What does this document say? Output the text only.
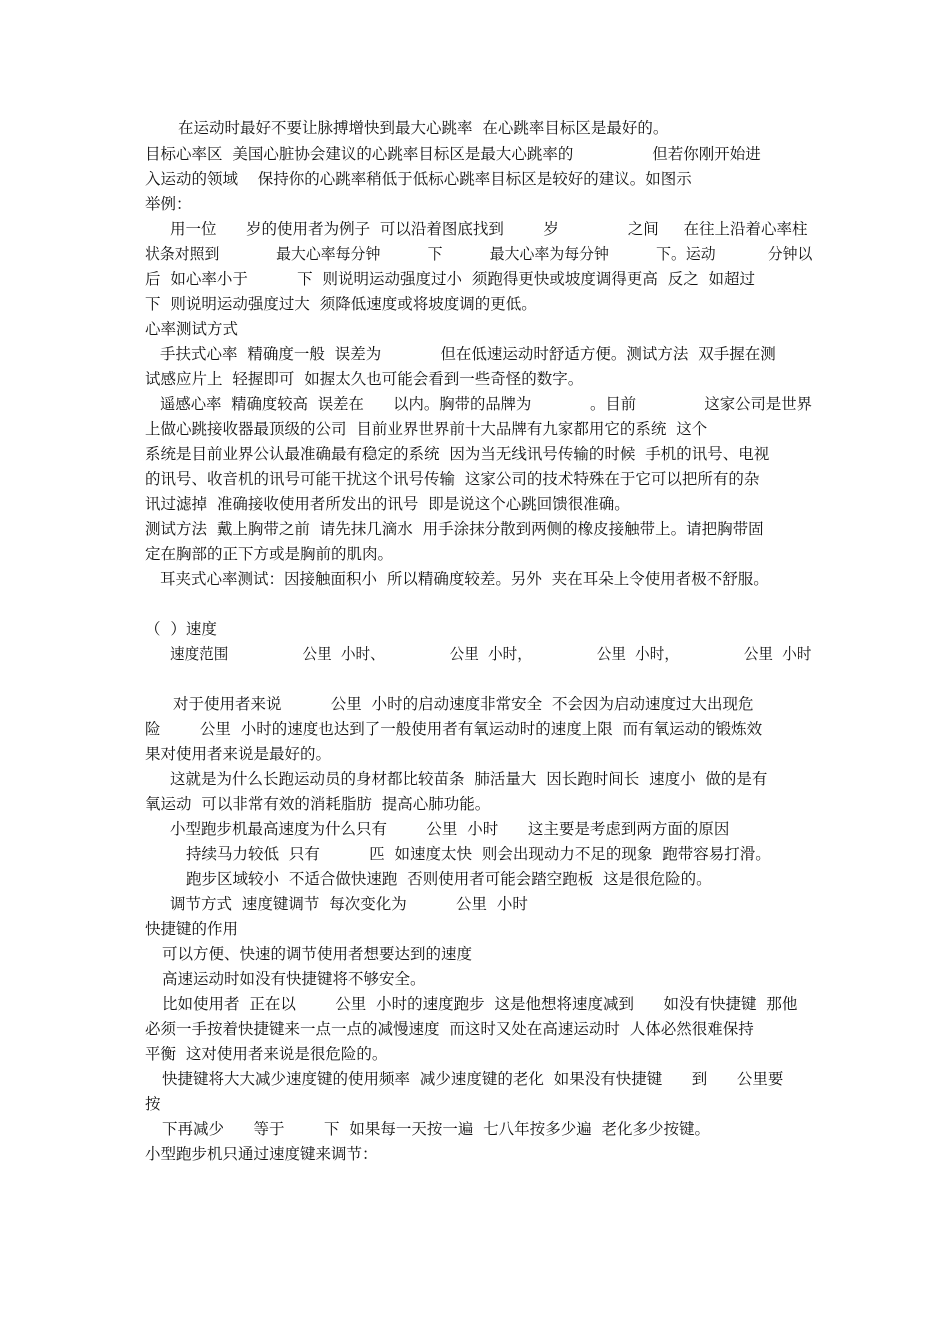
在运动时最好不要让脉搏增快到最大心跳率  在心跳率目标区是最好的。
目标心率区  美国心脏协会建议的心跳率目标区是最大心跳率的                但若你刚开始进
入运动的领域    保持你的心跳率稍低于低标心跳率目标区是较好的建议。如图示
举例：
用一位      岁的使用者为例子  可以沿着图底找到        岁              之间     在往上沿着心率柱
状条对照到            最大心率每分钟          下          最大心率为每分钟          下。运动           分钟以
后  如心率小于          下  则说明运动强度过小  须跑得更快或坡度调得更高  反之  如超过
下  则说明运动强度过大  须降低速度或将坡度调的更低。
心率测试方式
手扶式心率  精确度一般  误差为            但在低速运动时舒适方便。测试方法  双手握在测
试感应片上  轻握即可  如握太久也可能会看到一些奇怪的数字。
遥感心率  精确度较高  误差在      以内。胸带的品牌为            。目前              这家公司是世界
上做心跳接收器最顶级的公司  目前业界世界前十大品牌有九家都用它的系统  这个
系统是目前业界公认最准确最有稳定的系统  因为当无线讯号传输的时候  手机的讯号、电视
的讯号、收音机的讯号可能干扰这个讯号传输  这家公司的技术特殊在于它可以把所有的杂
讯过滤掉  准确接收使用者所发出的讯号  即是说这个心跳回馈很准确。
测试方法  戴上胸带之前  请先抹几滴水  用手涂抹分散到两侧的橡皮接触带上。请把胸带固
定在胸部的正下方或是胸前的肌肉。
耳夹式心率测试：因接触面积小  所以精确度较差。另外  夹在耳朵上令使用者极不舒服。
（  ）速度
速度范围                公里  小时、              公里  小时，              公里  小时，              公里  小时
对于使用者来说          公里  小时的启动速度非常安全  不会因为启动速度过大出现危
险        公里  小时的速度也达到了一般使用者有氧运动时的速度上限  而有氧运动的锻炼效
果对使用者来说是最好的。
这就是为什么长跑运动员的身材都比较苗条  肺活量大  因长跑时间长  速度小  做的是有
氧运动  可以非常有效的消耗脂肪  提高心肺功能。
小型跑步机最高速度为什么只有        公里  小时      这主要是考虑到两方面的原因
持续马力较低  只有          匹  如速度太快  则会出现动力不足的现象  跑带容易打滑。
跑步区域较小  不适合做快速跑  否则使用者可能会踏空跑板  这是很危险的。
调节方式  速度键调节  每次变化为          公里  小时
快捷键的作用
可以方便、快速的调节使用者想要达到的速度
高速运动时如没有快捷键将不够安全。
比如使用者  正在以        公里  小时的速度跑步  这是他想将速度减到      如没有快捷键  那他
必须一手按着快捷键来一点一点的减慢速度  而这时又处在高速运动时  人体必然很难保持
平衡  这对使用者来说是很危险的。
快捷键将大大减少速度键的使用频率  减少速度键的老化  如果没有快捷键      到      公里要
按
下再减少      等于        下  如果每一天按一遍  七八年按多少遍  老化多少按键。
小型跑步机只通过速度键来调节：
